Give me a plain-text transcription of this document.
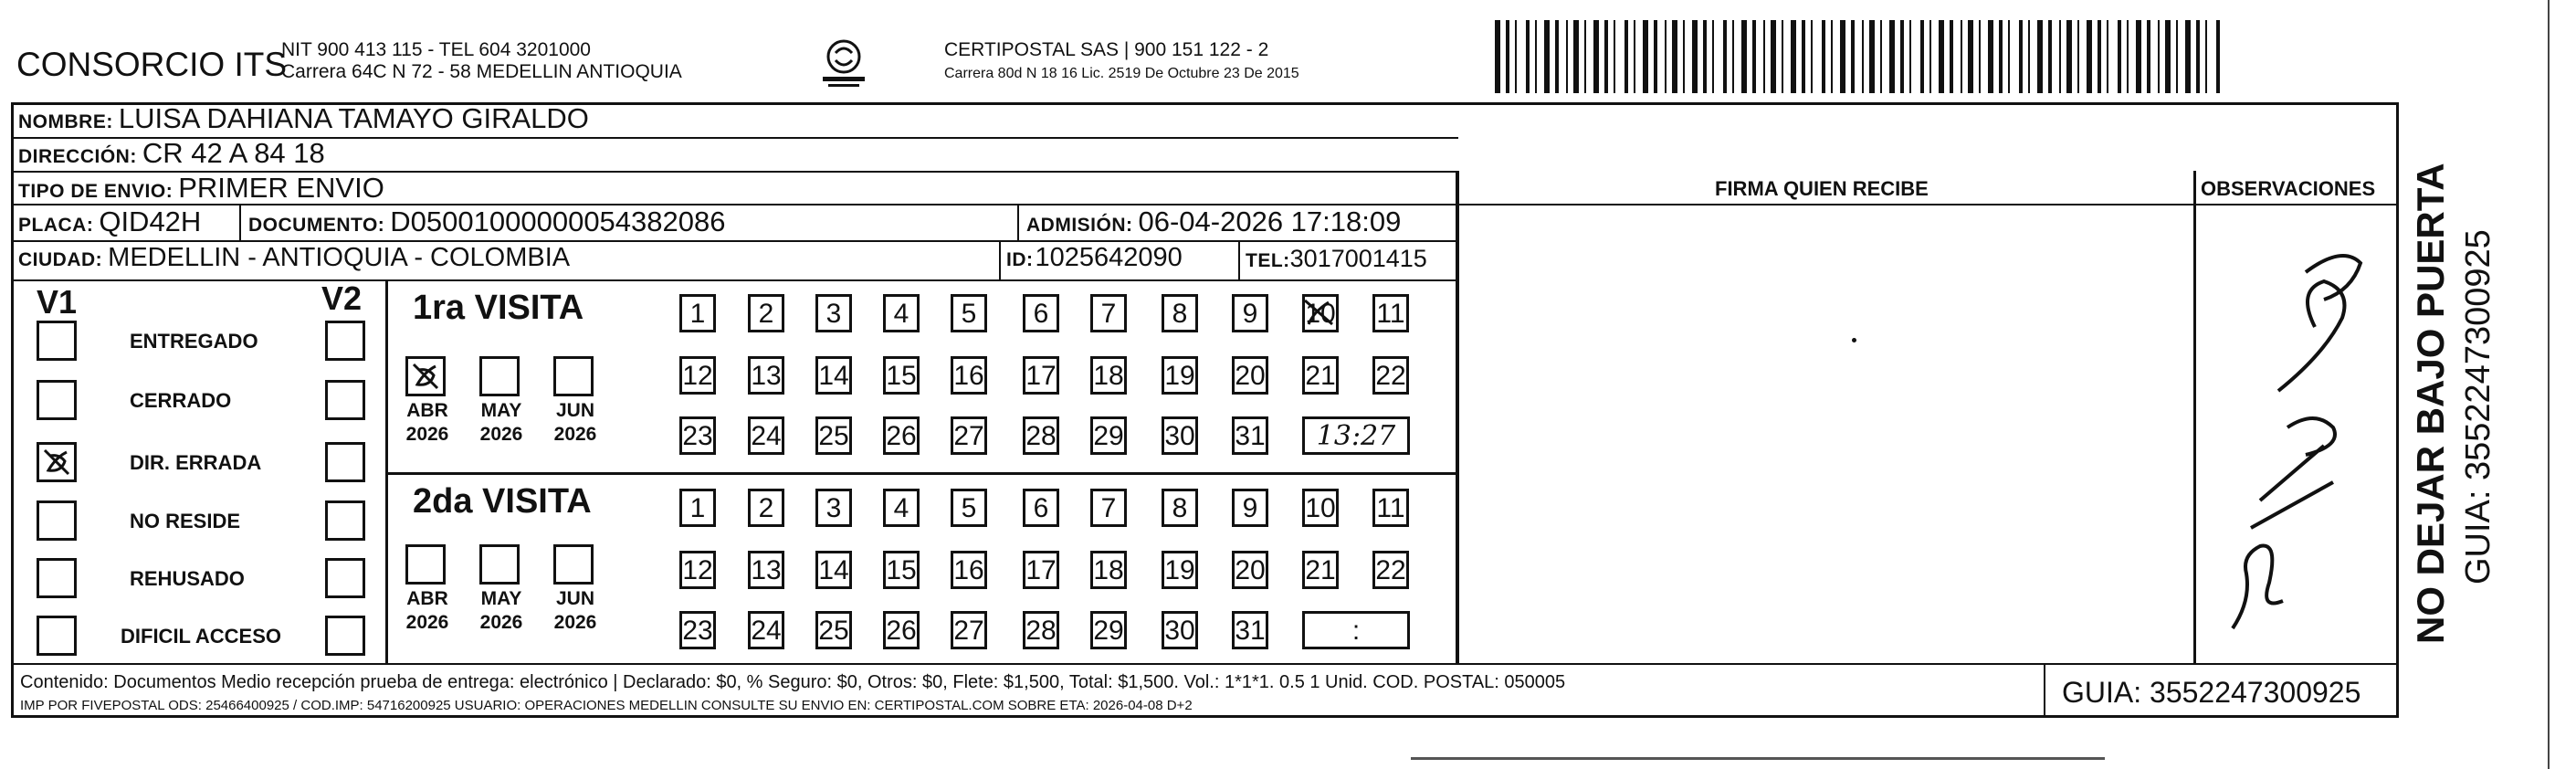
CONSORCIO ITS
NIT 900 413 115 - TEL 604 3201000
Carrera 64C N 72 - 58 MEDELLIN ANTIOQUIA
CERTIPOSTAL SAS | 900 151 122 - 2
Carrera 80d N 18 16 Lic. 2519 De Octubre 23 De 2015
NOMBRE: LUISA DAHIANA TAMAYO GIRALDO
DIRECCIÓN: CR 42 A 84 18
TIPO DE ENVIO: PRIMER ENVIO
PLACA: QID42H DOCUMENTO: D05001000000054382086	ADMISIÓN: 06-04-2026 17:18:09
CIUDAD: MEDELLIN - ANTIOQUIA - COLOMBIA	ID: 1025642090	TEL: 3017001415
FIRMA QUIEN RECIBE	OBSERVACIONES
V1	V2 1ra VISITA
2da VISITA
Contenido: Documentos Medio recepción prueba de entrega: electrónico | Declarado: $0, % Seguro: $0, Otros: $0, Flete: $1,500, Total: $1,500. Vol.: 1*1*1. 0.5 1 Unid. COD. POSTAL: 050005
IMP POR FIVEPOSTAL ODS: 25466400925 / COD.IMP: 54716200925 USUARIO: OPERACIONES MEDELLIN CONSULTE SU ENVIO EN: CERTIPOSTAL.COM SOBRE ETA: 2026-04-08 D+2	GUIA: 3552247300925
NO DEJAR BAJO PUERTA GUIA: 3552247300925
ENTREGADO
CERRADO
DIR. ERRADA
NO RESIDE
REHUSADO
DIFICIL ACCESO
ABR
2026
MAY
2026
JUN
2026
1	2	3	4	5	6	7	8	9	10 11
12 13 14 15 16 17 18 19 20 21 22
23 24 25 26 27 28 29 30 31	13:27
ABR
2026
MAY
2026
JUN
2026
1	2	3	4	5	6	7	8	9	10 11
12 13 14 15 16 17 18 19 20 21 22
23 24 25 26 27 28 29 30 31	:
